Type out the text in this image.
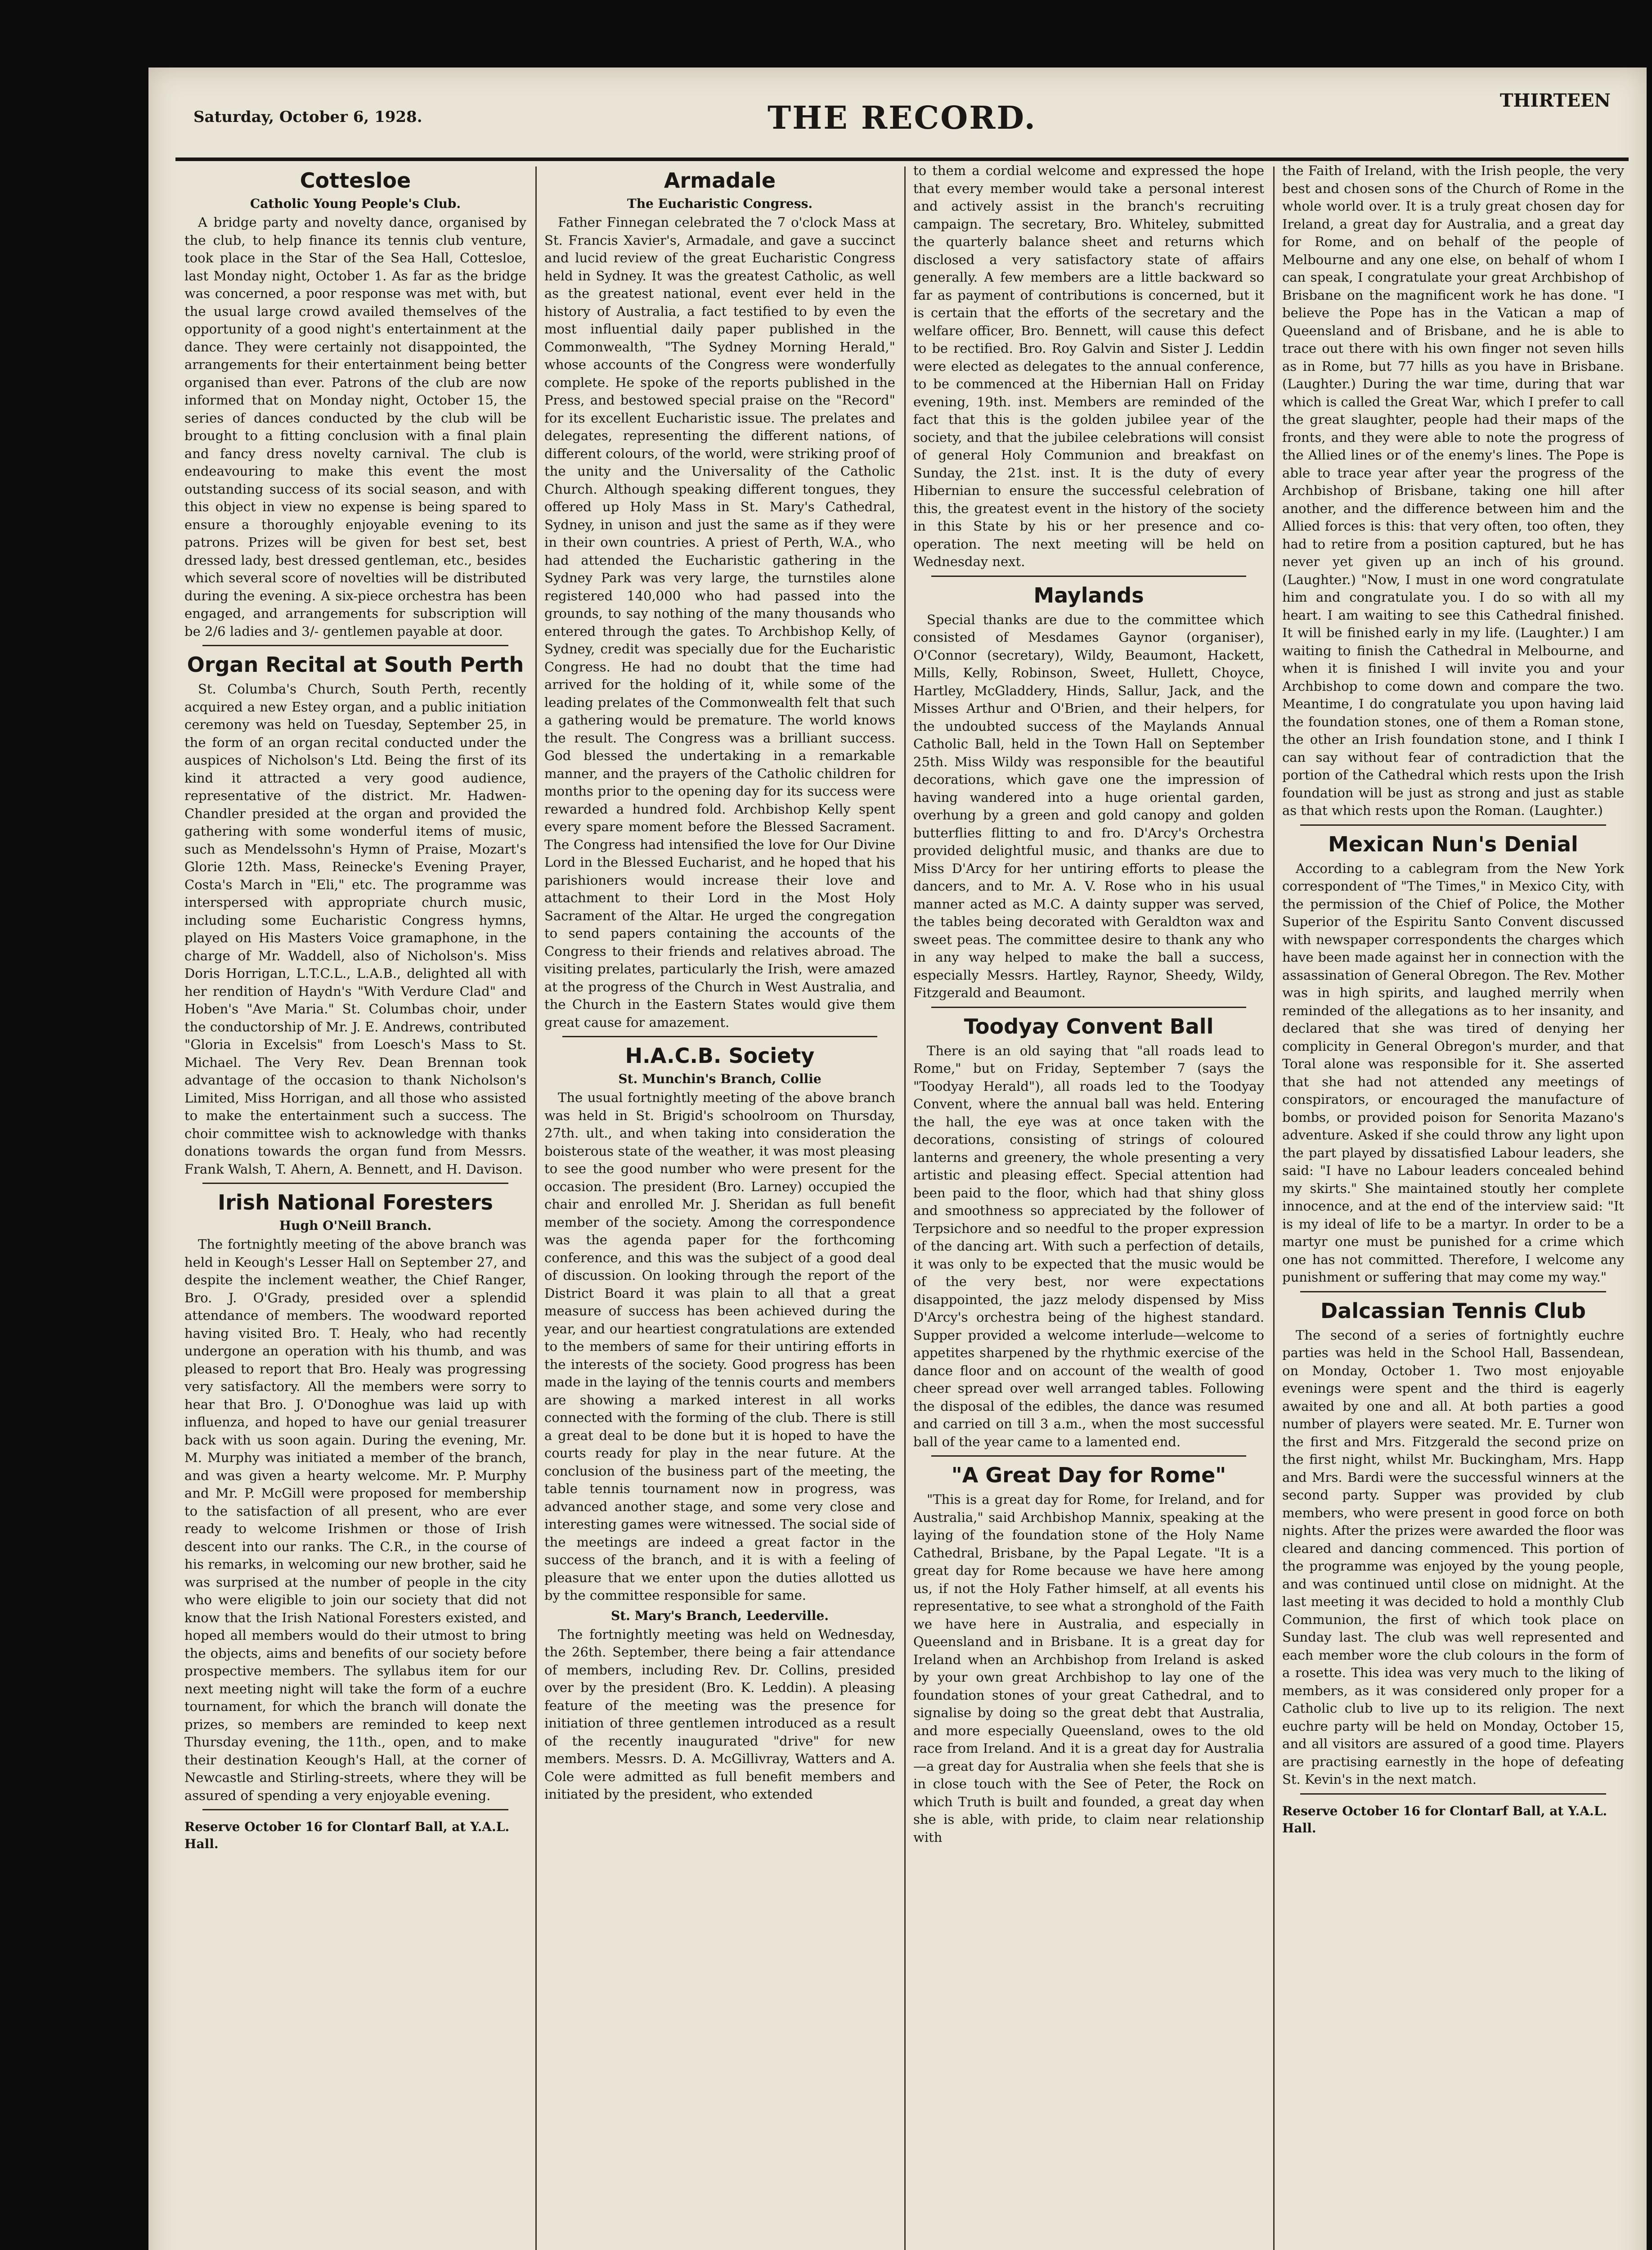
Saturday, October 6, 1928.	THE RECORD.	THIRTEEN
Cottesloe
Catholic Young People's Club.

A bridge party and novelty dance, organised by the club, to help finance its tennis club venture, took place in the Star of the Sea Hall, Cottesloe, last Monday night, October 1. As far as the bridge was concerned, a poor response was met with, but the usual large crowd availed themselves of the opportunity of a good night's entertainment at the dance. They were certainly not disappointed, the arrangements for their entertainment being better organised than ever. Patrons of the club are now informed that on Monday night, October 15, the series of dances conducted by the club will be brought to a fitting conclusion with a final plain and fancy dress novelty carnival. The club is endeavouring to make this event the most outstanding success of its social season, and with this object in view no expense is being spared to ensure a thoroughly enjoyable evening to its patrons. Prizes will be given for best set, best dressed lady, best dressed gentleman, etc., besides which several score of novelties will be distributed during the evening. A six-piece orchestra has been engaged, and arrangements for subscription will be 2/6 ladies and 3/- gentlemen payable at door.

Organ Recital at South Perth

St. Columba's Church, South Perth, recently acquired a new Estey organ, and a public initiation ceremony was held on Tuesday, September 25, in the form of an organ recital conducted under the auspices of Nicholson's Ltd. Being the first of its kind it attracted a very good audience, representative of the district. Mr. Hadwen-Chandler presided at the organ and provided the gathering with some wonderful items of music, such as Mendelssohn's Hymn of Praise, Mozart's Glorie 12th. Mass, Reinecke's Evening Prayer, Costa's March in "Eli," etc. The programme was interspersed with appropriate church music, including some Eucharistic Congress hymns, played on His Masters Voice gramaphone, in the charge of Mr. Waddell, also of Nicholson's. Miss Doris Horrigan, L.T.C.L., L.A.B., delighted all with her rendition of Haydn's "With Verdure Clad" and Hoben's "Ave Maria." St. Columbas choir, under the conductorship of Mr. J. E. Andrews, contributed "Gloria in Excelsis" from Loesch's Mass to St. Michael. The Very Rev. Dean Brennan took advantage of the occasion to thank Nicholson's Limited, Miss Horrigan, and all those who assisted to make the entertainment such a success. The choir committee wish to acknowledge with thanks donations towards the organ fund from Messrs. Frank Walsh, T. Ahern, A. Bennett, and H. Davison.

Irish National Foresters
Hugh O'Neill Branch.

The fortnightly meeting of the above branch was held in Keough's Lesser Hall on September 27, and despite the inclement weather, the Chief Ranger, Bro. J. O'Grady, presided over a splendid attendance of members. The woodward reported having visited Bro. T. Healy, who had recently undergone an operation with his thumb, and was pleased to report that Bro. Healy was progressing very satisfactory. All the members were sorry to hear that Bro. J. O'Donoghue was laid up with influenza, and hoped to have our genial treasurer back with us soon again. During the evening, Mr. M. Murphy was initiated a member of the branch, and was given a hearty welcome. Mr. P. Murphy and Mr. P. McGill were proposed for membership to the satisfaction of all present, who are ever ready to welcome Irishmen or those of Irish descent into our ranks. The C.R., in the course of his remarks, in welcoming our new brother, said he was surprised at the number of people in the city who were eligible to join our society that did not know that the Irish National Foresters existed, and hoped all members would do their utmost to bring the objects, aims and benefits of our society before prospective members. The syllabus item for our next meeting night will take the form of a euchre tournament, for which the branch will donate the prizes, so members are reminded to keep next Thursday evening, the 11th., open, and to make their destination Keough's Hall, at the corner of Newcastle and Stirling-streets, where they will be assured of spending a very enjoyable evening.

Reserve October 16 for Clontarf Ball, at Y.A.L. Hall.
Armadale
The Eucharistic Congress.

Father Finnegan celebrated the 7 o'clock Mass at St. Francis Xavier's, Armadale, and gave a succinct and lucid review of the great Eucharistic Congress held in Sydney. It was the greatest Catholic, as well as the greatest national, event ever held in the history of Australia, a fact testified to by even the most influential daily paper published in the Commonwealth, "The Sydney Morning Herald," whose accounts of the Congress were wonderfully complete. He spoke of the reports published in the Press, and bestowed special praise on the "Record" for its excellent Eucharistic issue. The prelates and delegates, representing the different nations, of different colours, of the world, were striking proof of the unity and the Universality of the Catholic Church. Although speaking different tongues, they offered up Holy Mass in St. Mary's Cathedral, Sydney, in unison and just the same as if they were in their own countries. A priest of Perth, W.A., who had attended the Eucharistic gathering in the Sydney Park was very large, the turnstiles alone registered 140,000 who had passed into the grounds, to say nothing of the many thousands who entered through the gates. To Archbishop Kelly, of Sydney, credit was specially due for the Eucharistic Congress. He had no doubt that the time had arrived for the holding of it, while some of the leading prelates of the Commonwealth felt that such a gathering would be premature. The world knows the result. The Congress was a brilliant success. God blessed the undertaking in a remarkable manner, and the prayers of the Catholic children for months prior to the opening day for its success were rewarded a hundred fold. Archbishop Kelly spent every spare moment before the Blessed Sacrament. The Congress had intensified the love for Our Divine Lord in the Blessed Eucharist, and he hoped that his parishioners would increase their love and attachment to their Lord in the Most Holy Sacrament of the Altar. He urged the congregation to send papers containing the accounts of the Congress to their friends and relatives abroad. The visiting prelates, particularly the Irish, were amazed at the progress of the Church in West Australia, and the Church in the Eastern States would give them great cause for amazement.

H.A.C.B. Society
St. Munchin's Branch, Collie

The usual fortnightly meeting of the above branch was held in St. Brigid's schoolroom on Thursday, 27th. ult., and when taking into consideration the boisterous state of the weather, it was most pleasing to see the good number who were present for the occasion. The president (Bro. Larney) occupied the chair and enrolled Mr. J. Sheridan as full benefit member of the society. Among the correspondence was the agenda paper for the forthcoming conference, and this was the subject of a good deal of discussion. On looking through the report of the District Board it was plain to all that a great measure of success has been achieved during the year, and our heartiest congratulations are extended to the members of same for their untiring efforts in the interests of the society. Good progress has been made in the laying of the tennis courts and members are showing a marked interest in all works connected with the forming of the club. There is still a great deal to be done but it is hoped to have the courts ready for play in the near future. At the conclusion of the business part of the meeting, the table tennis tournament now in progress, was advanced another stage, and some very close and interesting games were witnessed. The social side of the meetings are indeed a great factor in the success of the branch, and it is with a feeling of pleasure that we enter upon the duties allotted us by the committee responsible for same.

St. Mary's Branch, Leederville.

The fortnightly meeting was held on Wednesday, the 26th. September, there being a fair attendance of members, including Rev. Dr. Collins, presided over by the president (Bro. K. Leddin). A pleasing feature of the meeting was the presence for initiation of three gentlemen introduced as a result of the recently inaugurated "drive" for new members. Messrs. D. A. McGillivray, Watters and A. Cole were admitted as full benefit members and initiated by the president, who extended

to them a cordial welcome and expressed the hope that every member would take a personal interest and actively assist in the branch's recruiting campaign. The secretary, Bro. Whiteley, submitted the quarterly balance sheet and returns which disclosed a very satisfactory state of affairs generally. A few members are a little backward so far as payment of contributions is concerned, but it is certain that the efforts of the secretary and the welfare officer, Bro. Bennett, will cause this defect to be rectified. Bro. Roy Galvin and Sister J. Leddin were elected as delegates to the annual conference, to be commenced at the Hibernian Hall on Friday evening, 19th. inst. Members are reminded of the fact that this is the golden jubilee year of the society, and that the jubilee celebrations will consist of general Holy Communion and breakfast on Sunday, the 21st. inst. It is the duty of every Hibernian to ensure the successful celebration of this, the greatest event in the history of the society in this State by his or her presence and co-operation. The next meeting will be held on Wednesday next.

Maylands

Special thanks are due to the committee which consisted of Mesdames Gaynor (organiser), O'Connor (secretary), Wildy, Beaumont, Hackett, Mills, Kelly, Robinson, Sweet, Hullett, Choyce, Hartley, McGladdery, Hinds, Sallur, Jack, and the Misses Arthur and O'Brien, and their helpers, for the undoubted success of the Maylands Annual Catholic Ball, held in the Town Hall on September 25th. Miss Wildy was responsible for the beautiful decorations, which gave one the impression of having wandered into a huge oriental garden, overhung by a green and gold canopy and golden butterflies flitting to and fro. D'Arcy's Orchestra provided delightful music, and thanks are due to Miss D'Arcy for her untiring efforts to please the dancers, and to Mr. A. V. Rose who in his usual manner acted as M.C. A dainty supper was served, the tables being decorated with Geraldton wax and sweet peas. The committee desire to thank any who in any way helped to make the ball a success, especially Messrs. Hartley, Raynor, Sheedy, Wildy, Fitzgerald and Beaumont.

Toodyay Convent Ball

There is an old saying that "all roads lead to Rome," but on Friday, September 7 (says the "Toodyay Herald"), all roads led to the Toodyay Convent, where the annual ball was held. Entering the hall, the eye was at once taken with the decorations, consisting of strings of coloured lanterns and greenery, the whole presenting a very artistic and pleasing effect. Special attention had been paid to the floor, which had that shiny gloss and smoothness so appreciated by the follower of Terpsichore and so needful to the proper expression of the dancing art. With such a perfection of details, it was only to be expected that the music would be of the very best, nor were expectations disappointed, the jazz melody dispensed by Miss D'Arcy's orchestra being of the highest standard. Supper provided a welcome interlude—welcome to appetites sharpened by the rhythmic exercise of the dance floor and on account of the wealth of good cheer spread over well arranged tables. Following the disposal of the edibles, the dance was resumed and carried on till 3 a.m., when the most successful ball of the year came to a lamented end.

"A Great Day for Rome"

"This is a great day for Rome, for Ireland, and for Australia," said Archbishop Mannix, speaking at the laying of the foundation stone of the Holy Name Cathedral, Brisbane, by the Papal Legate. "It is a great day for Rome because we have here among us, if not the Holy Father himself, at all events his representative, to see what a stronghold of the Faith we have here in Australia, and especially in Queensland and in Brisbane. It is a great day for Ireland when an Archbishop from Ireland is asked by your own great Archbishop to lay one of the foundation stones of your great Cathedral, and to signalise by doing so the great debt that Australia, and more especially Queensland, owes to the old race from Ireland. And it is a great day for Australia—a great day for Australia when she feels that she is in close touch with the See of Peter, the Rock on which Truth is built and founded, a great day when she is able, with pride, to claim near relationship with

the Faith of Ireland, with the Irish people, the very best and chosen sons of the Church of Rome in the whole world over. It is a truly great chosen day for Ireland, a great day for Australia, and a great day for Rome, and on behalf of the people of Melbourne and any one else, on behalf of whom I can speak, I congratulate your great Archbishop of Brisbane on the magnificent work he has done. "I believe the Pope has in the Vatican a map of Queensland and of Brisbane, and he is able to trace out there with his own finger not seven hills as in Rome, but 77 hills as you have in Brisbane. (Laughter.) During the war time, during that war which is called the Great War, which I prefer to call the great slaughter, people had their maps of the fronts, and they were able to note the progress of the Allied lines or of the enemy's lines. The Pope is able to trace year after year the progress of the Archbishop of Brisbane, taking one hill after another, and the difference between him and the Allied forces is this: that very often, too often, they had to retire from a position captured, but he has never yet given up an inch of his ground. (Laughter.) "Now, I must in one word congratulate him and congratulate you. I do so with all my heart. I am waiting to see this Cathedral finished. It will be finished early in my life. (Laughter.) I am waiting to finish the Cathedral in Melbourne, and when it is finished I will invite you and your Archbishop to come down and compare the two. Meantime, I do congratulate you upon having laid the foundation stones, one of them a Roman stone, the other an Irish foundation stone, and I think I can say without fear of contradiction that the portion of the Cathedral which rests upon the Irish foundation will be just as strong and just as stable as that which rests upon the Roman. (Laughter.)

Mexican Nun's Denial

According to a cablegram from the New York correspondent of "The Times," in Mexico City, with the permission of the Chief of Police, the Mother Superior of the Espiritu Santo Convent discussed with newspaper correspondents the charges which have been made against her in connection with the assassination of General Obregon. The Rev. Mother was in high spirits, and laughed merrily when reminded of the allegations as to her insanity, and declared that she was tired of denying her complicity in General Obregon's murder, and that Toral alone was responsible for it. She asserted that she had not attended any meetings of conspirators, or encouraged the manufacture of bombs, or provided poison for Senorita Mazano's adventure. Asked if she could throw any light upon the part played by dissatisfied Labour leaders, she said: "I have no Labour leaders concealed behind my skirts." She maintained stoutly her complete innocence, and at the end of the interview said: "It is my ideal of life to be a martyr. In order to be a martyr one must be punished for a crime which one has not committed. Therefore, I welcome any punishment or suffering that may come my way."

Dalcassian Tennis Club

The second of a series of fortnightly euchre parties was held in the School Hall, Bassendean, on Monday, October 1. Two most enjoyable evenings were spent and the third is eagerly awaited by one and all. At both parties a good number of players were seated. Mr. E. Turner won the first and Mrs. Fitzgerald the second prize on the first night, whilst Mr. Buckingham, Mrs. Happ and Mrs. Bardi were the successful winners at the second party. Supper was provided by club members, who were present in good force on both nights. After the prizes were awarded the floor was cleared and dancing commenced. This portion of the programme was enjoyed by the young people, and was continued until close on midnight. At the last meeting it was decided to hold a monthly Club Communion, the first of which took place on Sunday last. The club was well represented and each member wore the club colours in the form of a rosette. This idea was very much to the liking of members, as it was considered only proper for a Catholic club to live up to its religion. The next euchre party will be held on Monday, October 15, and all visitors are assured of a good time. Players are practising earnestly in the hope of defeating St. Kevin's in the next match.

Reserve October 16 for Clontarf Ball, at Y.A.L. Hall.
